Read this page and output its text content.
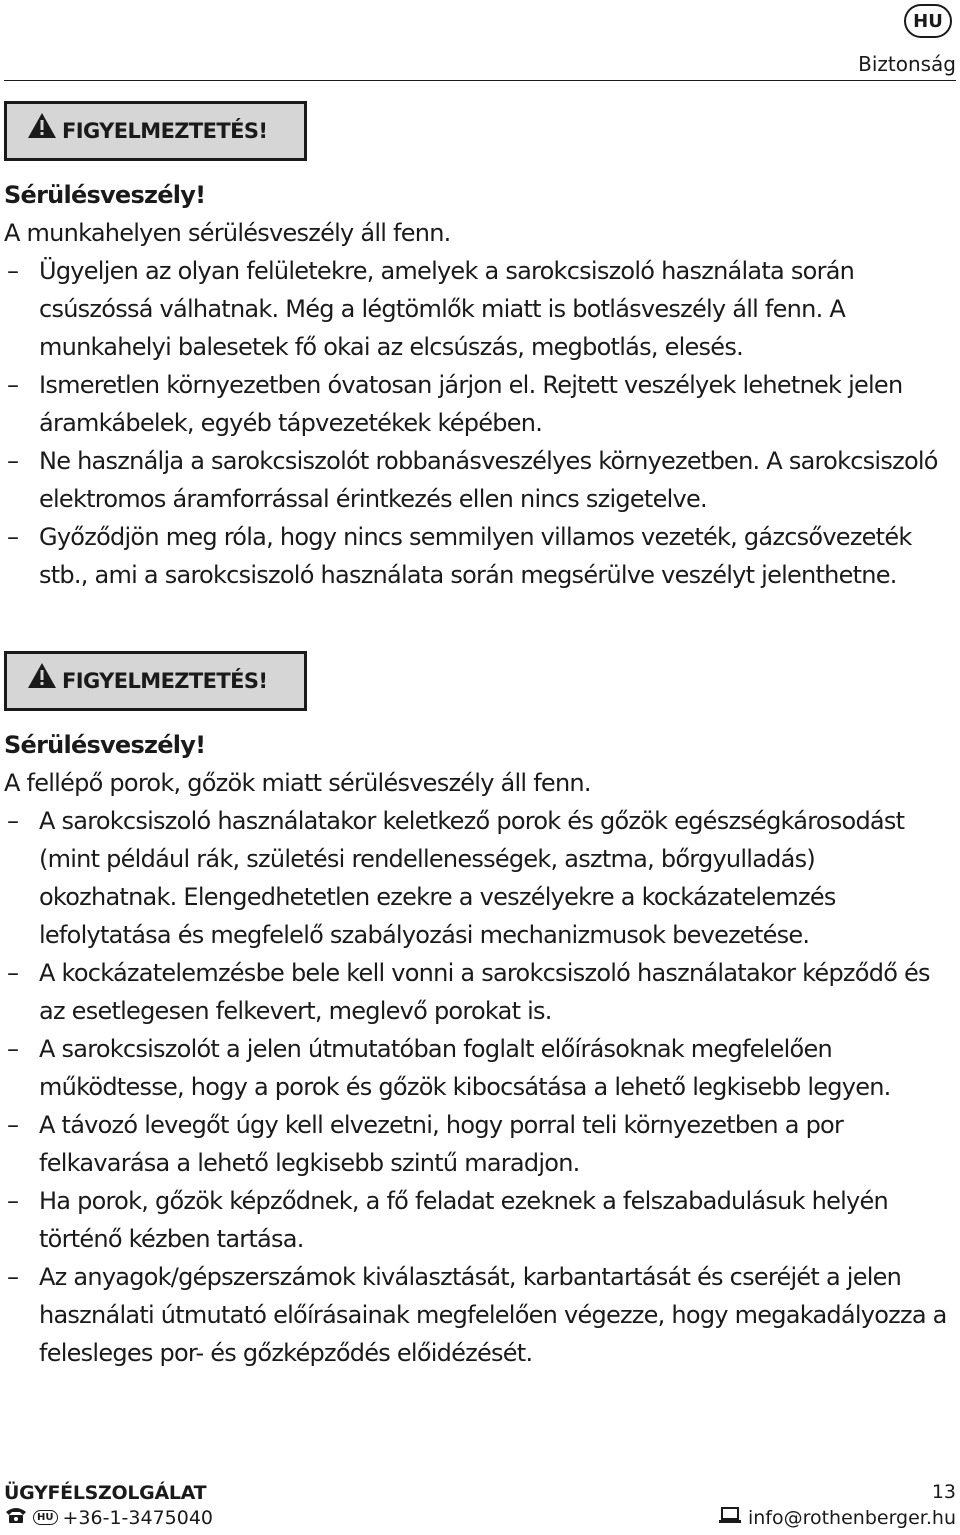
HU
Biztonság
FIGYELMEZTETÉS!
Sérülésveszély!

A munkahelyen sérülésveszély áll fenn.

– Ügyeljen az olyan felületekre, amelyek a sarokcsiszoló használata során csúszóssá válhatnak. Még a légtömlők miatt is botlásveszély áll fenn. A munkahelyi balesetek fő okai az elcsúszás, megbotlás, elesés.
– Ismeretlen környezetben óvatosan járjon el. Rejtett veszélyek lehetnek jelen áramkábelek, egyéb tápvezetékek képében.
– Ne használja a sarokcsiszolót robbanásveszélyes környezetben. A sarokcsiszoló elektromos áramforrással érintkezés ellen nincs szigetelve.
– Győződjön meg róla, hogy nincs semmilyen villamos vezeték, gázcsővezeték stb., ami a sarokcsiszoló használata során megsérülve veszélyt jelenthetne.
FIGYELMEZTETÉS!
Sérülésveszély!

A fellépő porok, gőzök miatt sérülésveszély áll fenn.

– A sarokcsiszoló használatakor keletkező porok és gőzök egészségkárosodást (mint például rák, születési rendellenességek, asztma, bőrgyulladás) okozhatnak. Elengedhetetlen ezekre a veszélyekre a kockázatelemzés lefolytatása és megfelelő szabályozási mechanizmusok bevezetése.
– A kockázatelemzésbe bele kell vonni a sarokcsiszoló használatakor képződő és az esetlegesen felkevert, meglevő porokat is.
– A sarokcsiszolót a jelen útmutatóban foglalt előírásoknak megfelelően működtesse, hogy a porok és gőzök kibocsátása a lehető legkisebb legyen.
– A távozó levegőt úgy kell elvezetni, hogy porral teli környezetben a por felkavarása a lehető legkisebb szintű maradjon.
– Ha porok, gőzök képződnek, a fő feladat ezeknek a felszabadulásuk helyén történő kézben tartása.
– Az anyagok/gépszerszámok kiválasztását, karbantartását és cseréjét a jelen használati útmutató előírásainak megfelelően végezze, hogy megakadályozza a felesleges por- és gőzképződés előidézését.
ÜGYFÉLSZOLGÁLAT	13
HU +36-1-3475040	info@rothenberger.hu
